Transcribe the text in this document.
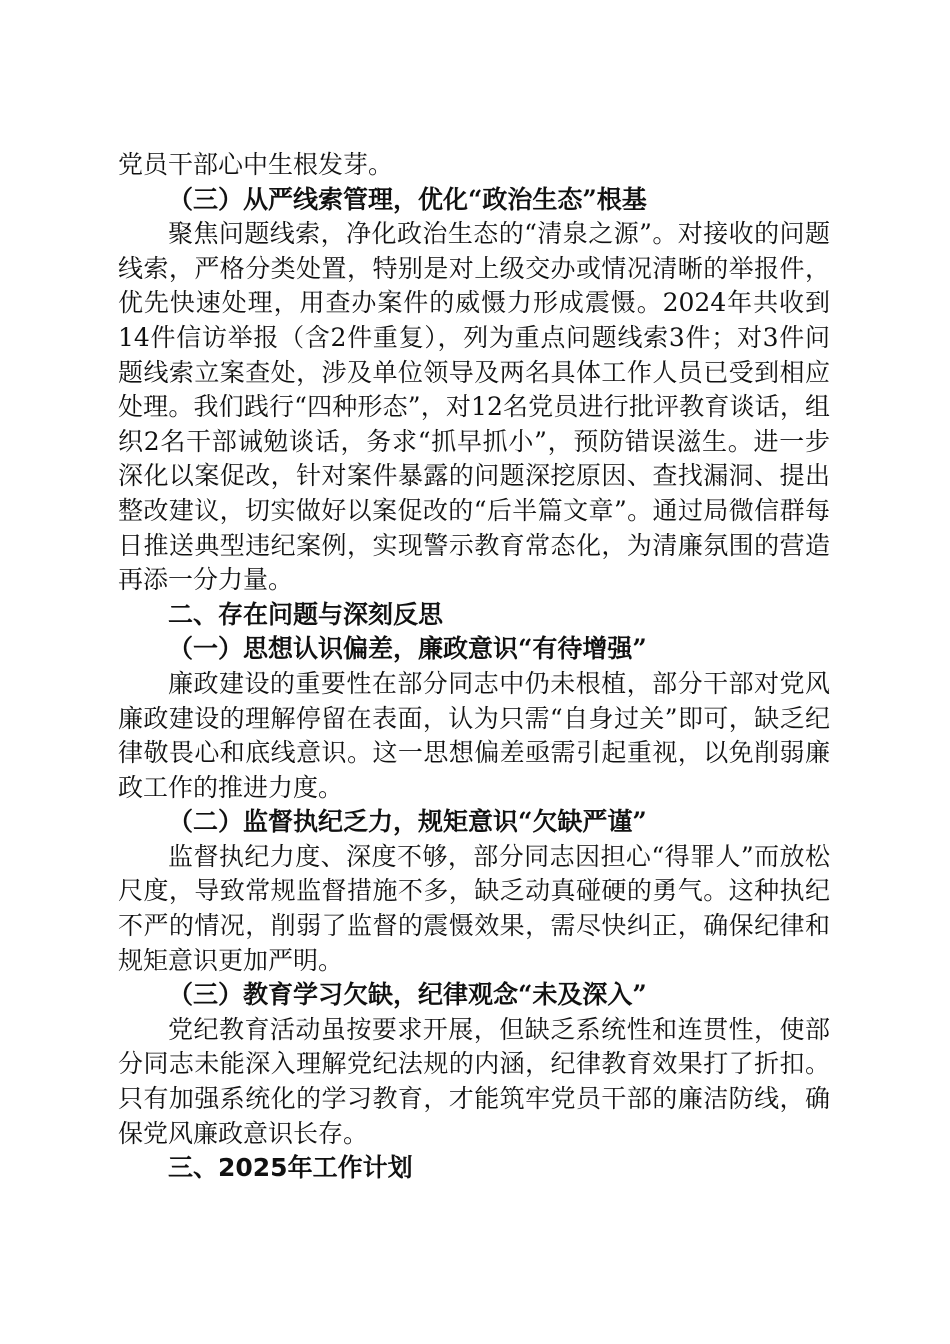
党员干部心中生根发芽。

（三）从严线索管理，优化“政治生态”根基

聚焦问题线索，净化政治生态的“清泉之源”。对接收的问题线索，严格分类处置，特别是对上级交办或情况清晰的举报件，优先快速处理，用查办案件的威慑力形成震慑。2024年共收到14件信访举报（含2件重复），列为重点问题线索3件；对3件问题线索立案查处，涉及单位领导及两名具体工作人员已受到相应处理。我们践行“四种形态”，对12名党员进行批评教育谈话，组织2名干部诫勉谈话，务求“抓早抓小”，预防错误滋生。进一步深化以案促改，针对案件暴露的问题深挖原因、查找漏洞、提出整改建议，切实做好以案促改的“后半篇文章”。通过局微信群每日推送典型违纪案例，实现警示教育常态化，为清廉氛围的营造再添一分力量。

二、存在问题与深刻反思

（一）思想认识偏差，廉政意识“有待增强”

廉政建设的重要性在部分同志中仍未根植，部分干部对党风廉政建设的理解停留在表面，认为只需“自身过关”即可，缺乏纪律敬畏心和底线意识。这一思想偏差亟需引起重视，以免削弱廉政工作的推进力度。

（二）监督执纪乏力，规矩意识“欠缺严谨”

监督执纪力度、深度不够，部分同志因担心“得罪人”而放松尺度，导致常规监督措施不多，缺乏动真碰硬的勇气。这种执纪不严的情况，削弱了监督的震慑效果，需尽快纠正，确保纪律和规矩意识更加严明。

（三）教育学习欠缺，纪律观念“未及深入”

党纪教育活动虽按要求开展，但缺乏系统性和连贯性，使部分同志未能深入理解党纪法规的内涵，纪律教育效果打了折扣。只有加强系统化的学习教育，才能筑牢党员干部的廉洁防线，确保党风廉政意识长存。

三、2025年工作计划
